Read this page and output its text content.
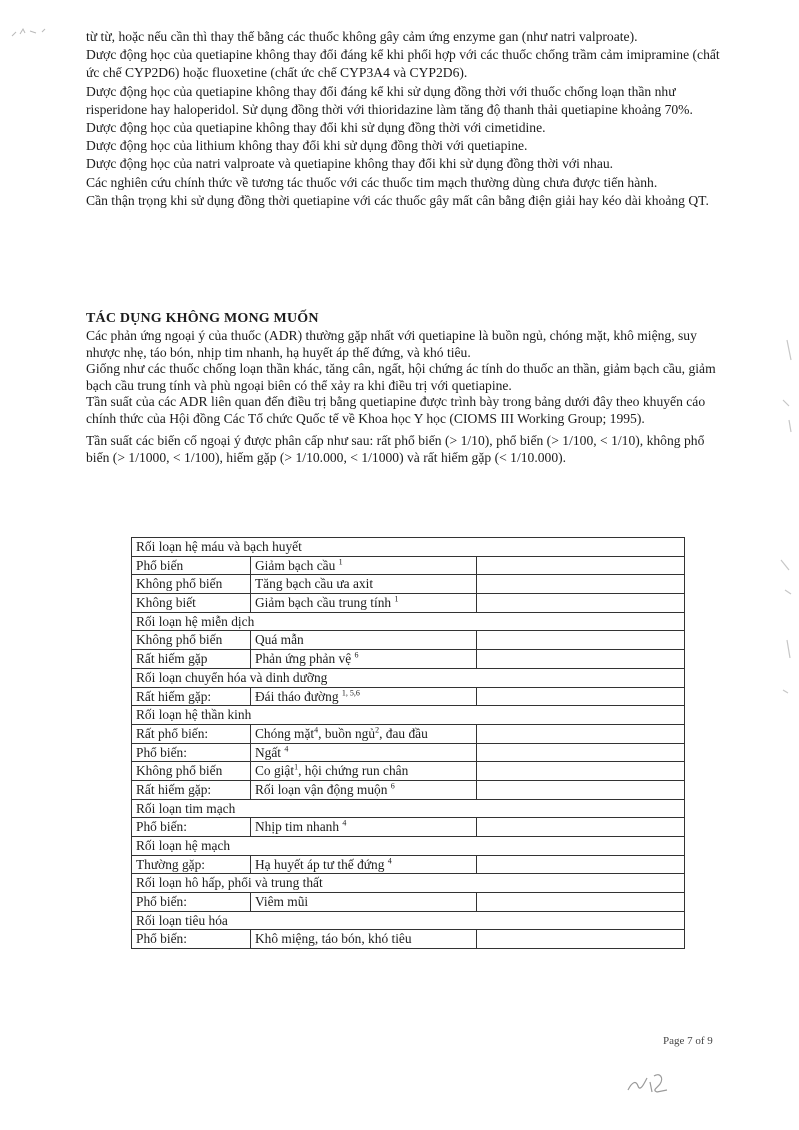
từ từ, hoặc nếu cần thì thay thế bằng các thuốc không gây cảm ứng enzyme gan (như natri valproate).

Dược động học của quetiapine không thay đổi đáng kể khi phối hợp với các thuốc chống trầm cảm imipramine (chất ức chế CYP2D6) hoặc fluoxetine (chất ức chế CYP3A4 và CYP2D6).

Dược động học của quetiapine không thay đổi đáng kể khi sử dụng đồng thời với thuốc chống loạn thần như risperidone hay haloperidol. Sử dụng đồng thời với thioridazine làm tăng độ thanh thải quetiapine khoảng 70%.

Dược động học của quetiapine không thay đổi khi sử dụng đồng thời với cimetidine.

Dược động học của lithium không thay đổi khi sử dụng đồng thời với quetiapine.

Dược động học của natri valproate và quetiapine không thay đổi khi sử dụng đồng thời với nhau.

Các nghiên cứu chính thức về tương tác thuốc với các thuốc tim mạch thường dùng chưa được tiến hành.

Cần thận trọng khi sử dụng đồng thời quetiapine với các thuốc gây mất cân bằng điện giải hay kéo dài khoảng QT.

TÁC DỤNG KHÔNG MONG MUỐN

Các phản ứng ngoại ý của thuốc (ADR) thường gặp nhất với quetiapine là buồn ngủ, chóng mặt, khô miệng, suy nhược nhẹ, táo bón, nhịp tim nhanh, hạ huyết áp thế đứng, và khó tiêu.

Giống như các thuốc chống loạn thần khác, tăng cân, ngất, hội chứng ác tính do thuốc an thần, giảm bạch cầu, giảm bạch cầu trung tính và phù ngoại biên có thể xảy ra khi điều trị với quetiapine.

Tần suất của các ADR liên quan đến điều trị bằng quetiapine được trình bày trong bảng dưới đây theo khuyến cáo chính thức của Hội đồng Các Tổ chức Quốc tế về Khoa học Y học (CIOMS III Working Group; 1995).

Tần suất các biến cố ngoại ý được phân cấp như sau: rất phổ biến (> 1/10), phổ biến (> 1/100, < 1/10), không phổ biến (> 1/1000, < 1/100), hiếm gặp (> 1/10.000, < 1/1000) và rất hiếm gặp (< 1/10.000).

Rối loạn hệ máu và bạch huyết		
Phổ biến	Giảm bạch cầu $^1$	
Không phổ biến	Tăng bạch cầu ưa axit	
Không biết	Giảm bạch cầu trung tính $^1$	
Rối loạn hệ miễn dịch		
Không phổ biến	Quá mẫn	
Rất hiếm gặp	Phản ứng phản vệ $^6$	
Rối loạn chuyển hóa và dinh dưỡng		
Rất hiếm gặp:	Đái tháo đường $^{1, 5,6}$	
Rối loạn hệ thần kinh		
Rất phổ biến:	Chóng mặt$^4$, buồn ngủ$^2$, đau đầu	
Phổ biến:	Ngất $^4$	
Không phổ biến	Co giật$^1$, hội chứng run chân	
Rất hiếm gặp:	Rối loạn vận động muộn $^6$	
Rối loạn tim mạch		
Phổ biến:	Nhịp tim nhanh $^4$	
Rối loạn hệ mạch		
Thường gặp:	Hạ huyết áp tư thế đứng $^4$	
Rối loạn hô hấp, phổi và trung thất		
Phổ biến:	Viêm mũi	
Rối loạn tiêu hóa		
Phổ biến:	Khô miệng, táo bón, khó tiêu	
Page 7 of 9
